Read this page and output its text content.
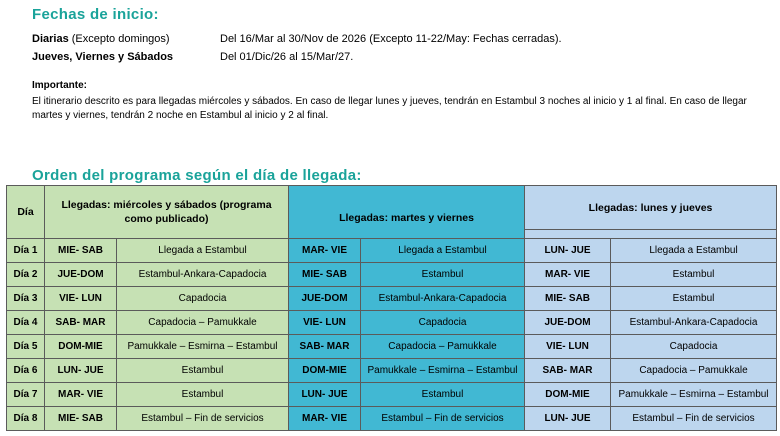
Fechas de inicio:
Diarias (Excepto domingos)	Del 16/Mar al 30/Nov de 2026 (Excepto 11-22/May: Fechas cerradas).
Jueves, Viernes y Sábados	Del 01/Dic/26 al 15/Mar/27.
Importante:
El itinerario descrito es para llegadas miércoles y sábados. En caso de llegar lunes y jueves, tendrán en Estambul 3 noches al inicio y 1 al final. En caso de llegar martes y viernes, tendrán 2 noche en Estambul al inicio y 2 al final.
Orden del programa según el día de llegada:
Día	Llegadas: miércoles y sábados (programa como publicado)		Llegadas: martes y viernes		Llegadas: lunes y jueves	

Día 1	MIE- SAB	Llegada a Estambul	MAR- VIE	Llegada a Estambul	LUN- JUE	Llegada a Estambul
Día 2	JUE-DOM	Estambul-Ankara-Capadocia	MIE- SAB	Estambul	MAR- VIE	Estambul
Día 3	VIE- LUN	Capadocia	JUE-DOM	Estambul-Ankara-Capadocia	MIE- SAB	Estambul
Día 4	SAB- MAR	Capadocia – Pamukkale	VIE- LUN	Capadocia	JUE-DOM	Estambul-Ankara-Capadocia
Día 5	DOM-MIE	Pamukkale – Esmirna – Estambul	SAB- MAR	Capadocia – Pamukkale	VIE- LUN	Capadocia
Día 6	LUN- JUE	Estambul	DOM-MIE	Pamukkale – Esmirna – Estambul	SAB- MAR	Capadocia – Pamukkale
Día 7	MAR- VIE	Estambul	LUN- JUE	Estambul	DOM-MIE	Pamukkale – Esmirna – Estambul
Día 8	MIE- SAB	Estambul – Fin de servicios	MAR- VIE	Estambul – Fin de servicios	LUN- JUE	Estambul – Fin de servicios
